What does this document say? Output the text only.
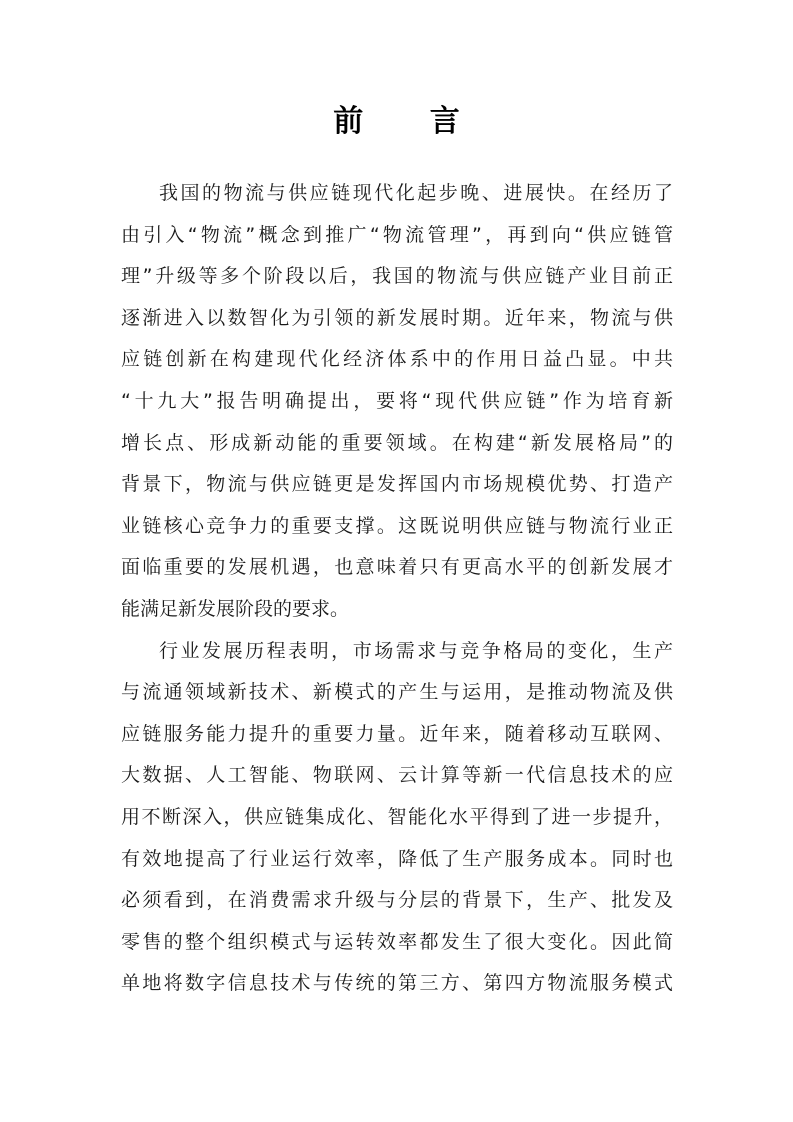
前 言
我国的物流与供应链现代化起步晚、进展快。在经历了
由引入“物流”概念到推广“物流管理”，再到向“供应链管
理”升级等多个阶段以后，我国的物流与供应链产业目前正
逐渐进入以数智化为引领的新发展时期。近年来，物流与供
应链创新在构建现代化经济体系中的作用日益凸显。中共
“十九大”报告明确提出，要将“现代供应链”作为培育新
增长点、形成新动能的重要领域。在构建“新发展格局”的
背景下，物流与供应链更是发挥国内市场规模优势、打造产
业链核心竞争力的重要支撑。这既说明供应链与物流行业正
面临重要的发展机遇，也意味着只有更高水平的创新发展才
能满足新发展阶段的要求。
行业发展历程表明，市场需求与竞争格局的变化，生产
与流通领域新技术、新模式的产生与运用，是推动物流及供
应链服务能力提升的重要力量。近年来，随着移动互联网、
大数据、人工智能、物联网、云计算等新一代信息技术的应
用不断深入，供应链集成化、智能化水平得到了进一步提升，
有效地提高了行业运行效率，降低了生产服务成本。同时也
必须看到，在消费需求升级与分层的背景下，生产、批发及
零售的整个组织模式与运转效率都发生了很大变化。因此简
单地将数字信息技术与传统的第三方、第四方物流服务模式
